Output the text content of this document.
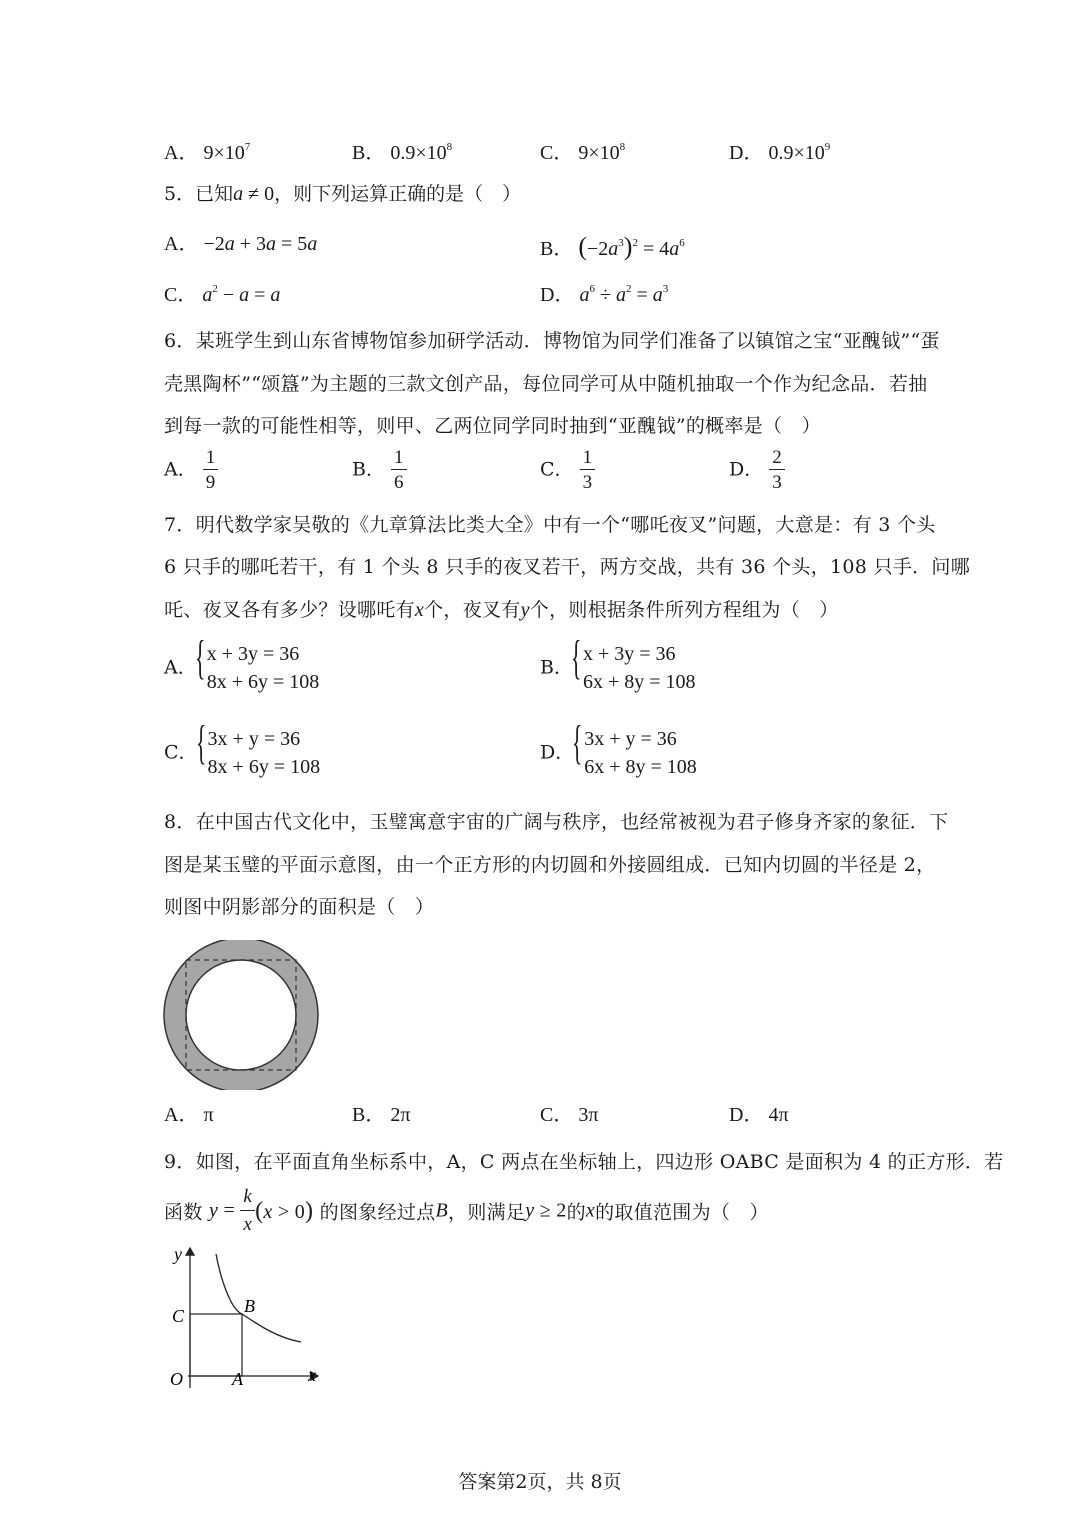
A． $9\times 10^7$	B． $0.9\times 10^8$	C． $9\times 10^8$	D． $0.9\times 10^9$
5．已知a ≠ 0，则下列运算正确的是（　）
A． −2a + 3a = 5a	B． $(-2a^3)^2 = 4a^6$
C． $a^2 - a = a$	D． $a^6 \div a^2 = a^3$
6．某班学生到山东省博物馆参加研学活动．博物馆为同学们准备了以镇馆之宝“亚醜钺”“蛋
壳黑陶杯”“颂簋”为主题的三款文创产品，每位同学可从中随机抽取一个作为纪念品．若抽
到每一款的可能性相等，则甲、乙两位同学同时抽到“亚醜钺”的概率是（　）
A． $\frac{1}{9}$	B． $\frac{1}{6}$	C． $\frac{1}{3}$	D． $\frac{2}{3}$
7．明代数学家吴敬的《九章算法比类大全》中有一个“哪吒夜叉”问题，大意是：有 3 个头
6 只手的哪吒若干，有 1 个头 8 只手的夜叉若干，两方交战，共有 36 个头，108 只手．问哪
吒、夜叉各有多少？设哪吒有x个，夜叉有y个，则根据条件所列方程组为（　）
A．
{ x + 3y = 36
8x + 6y = 108
B．
{ x + 3y = 36
6x + 8y = 108
C．
{ 3x + y = 36
8x + 6y = 108
D．
{ 3x + y = 36
6x + 8y = 108
8．在中国古代文化中，玉璧寓意宇宙的广阔与秩序，也经常被视为君子修身齐家的象征．下
图是某玉璧的平面示意图，由一个正方形的内切圆和外接圆组成．已知内切圆的半径是 2，
则图中阴影部分的面积是（　）
A． π	B． 2π	C． 3π	D． 4π
9．如图，在平面直角坐标系中，A，C 两点在坐标轴上，四边形 OABC 是面积为 4 的正方形．若
函数 $y = \frac{k}{x} (x > 0)$ 的图象经过点B，则满足y ≥ 2的x的取值范围为（　）
y
x
O	A
B
C
答案第2页，共 8页
